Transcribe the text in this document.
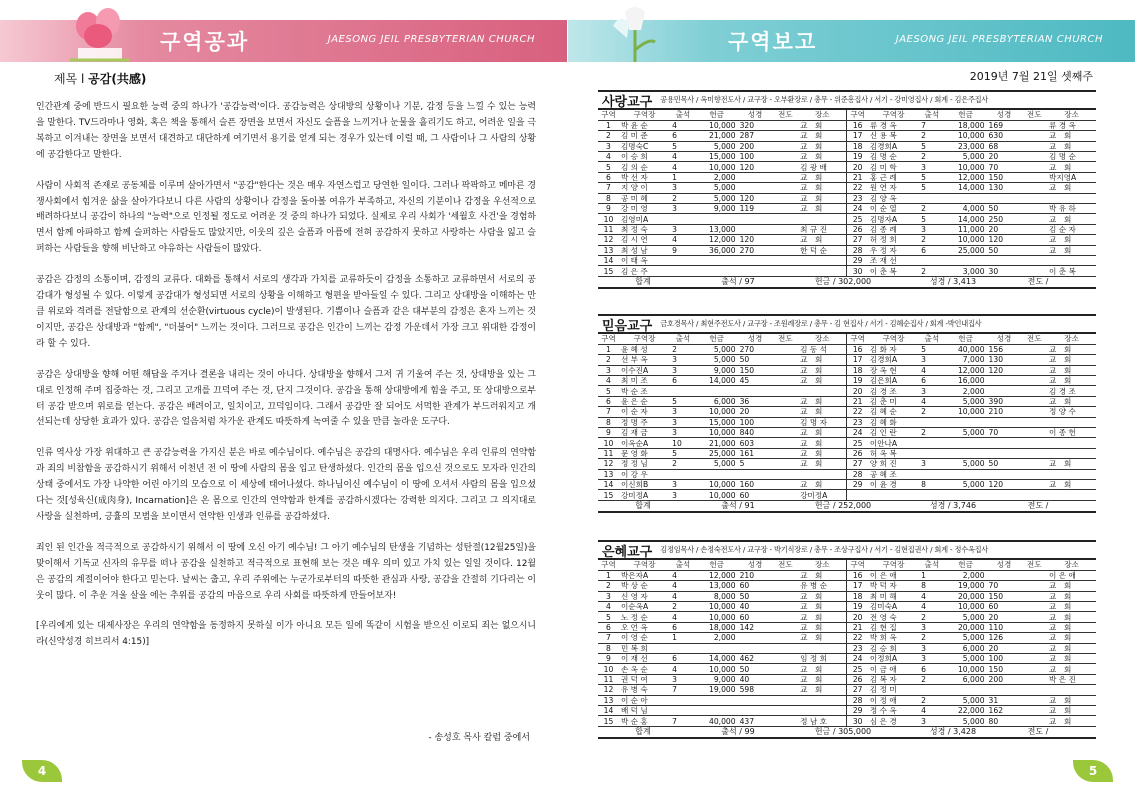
구역공과	JAESONG JEIL PRESBYTERIAN CHURCH
제목 l 공감(共感)

인간관계 중에 반드시 필요한 능력 중의 하나가 '공감능력'이다. 공감능력은 상대방의 상황이나 기분, 감정 등을 느낄 수 있는 능력을 말한다. TV드라마나 영화, 혹은 책을 통해서 슬픈 장면을 보면서 자신도 슬픔을 느끼거나 눈물을 흘리기도 하고, 어려운 일을 극복하고 이겨내는 장면을 보면서 대견하고 대단하게 여기면서 용기를 얻게 되는 경우가 있는데 이럴 때, 그 사람이나 그 사람의 상황에 공감한다고 말한다.

사람이 사회적 존재로 공동체를 이루며 살아가면서 "공감"한다는 것은 매우 자연스럽고 당연한 일이다. 그러나 팍팍하고 메마른 경쟁사회에서 힘겨운 삶을 살아가다보니 다른 사람의 상황이나 감정을 돌아볼 여유가 부족하고, 자신의 기분이나 감정을 우선적으로 배려하다보니 공감이 하나의 "능력"으로 인정될 정도로 어려운 것 중의 하나가 되었다. 실제로 우리 사회가 '세월호 사건'을 경험하면서 함께 아파하고 함께 슬퍼하는 사람들도 많았지만, 이웃의 깊은 슬픔과 아픔에 전혀 공감하지 못하고 사랑하는 사람을 잃고 슬퍼하는 사람들을 향해 비난하고 야유하는 사람들이 많았다.

공감은 감정의 소통이며, 감정의 교류다. 대화를 통해서 서로의 생각과 가치를 교류하듯이 감정을 소통하고 교류하면서 서로의 공감대가 형성될 수 있다. 이렇게 공감대가 형성되면 서로의 상황을 이해하고 형편을 받아들일 수 있다. 그리고 상대방을 이해하는 만큼 위로와 격려를 전달함으로 관계의 선순환(virtuous cycle)이 발생된다. 기쁨이나 슬픔과 같은 대부분의 감정은 혼자 느끼는 것이지만, 공감은 상대방과 "함께", "더불어" 느끼는 것이다. 그러므로 공감은 인간이 느끼는 감정 가운데서 가장 크고 위대한 감정이라 할 수 있다.

공감은 상대방을 향해 어떤 해답을 주거나 결론을 내리는 것이 아니다. 상대방을 향해서 그저 귀 기울여 주는 것, 상대방을 있는 그대로 인정해 주며 집중하는 것, 그리고 고개를 끄덕여 주는 것, 단지 그것이다. 공감을 통해 상대방에게 힘을 주고, 또 상대방으로부터 공감 받으며 위로를 얻는다. 공감은 배려이고, 일치이고, 끄덕임이다. 그래서 공감만 잘 되어도 서먹한 관계가 부드러워지고 개선되는데 상당한 효과가 있다. 공감은 얼음처럼 차가운 관계도 따뜻하게 녹여줄 수 있을 만큼 놀라운 도구다.

인류 역사상 가장 위대하고 큰 공감능력을 가지신 분은 바로 예수님이다. 예수님은 공감의 대명사다. 예수님은 우리 인류의 연약함과 죄의 비참함을 공감하시기 위해서 이천년 전 이 땅에 사람의 몸을 입고 탄생하셨다. 인간의 몸을 입으신 것으로도 모자라 인간의 상태 중에서도 가장 나약한 어린 아기의 모습으로 이 세상에 태어나셨다. 하나님이신 예수님이 이 땅에 오셔서 사람의 몸을 입으셨다는 것[성육신(成肉身), Incarnation]은 온 몸으로 인간의 연약함과 한계를 공감하시겠다는 강력한 의지다. 그리고 그 의지대로 사랑을 실천하며, 긍휼의 모범을 보이면서 연약한 인생과 인류를 공감하셨다.

죄인 된 인간을 적극적으로 공감하시기 위해서 이 땅에 오신 아기 예수님! 그 아기 예수님의 탄생을 기념하는 성탄절(12월25일)을 맞이해서 기독교 신자의 유무를 떠나 공감을 실천하고 적극적으로 표현해 보는 것은 매우 의미 있고 가치 있는 일일 것이다. 12월은 공감의 계절이어야 한다고 믿는다. 날씨는 춥고, 우리 주위에는 누군가로부터의 따뜻한 관심과 사랑, 공감을 간절히 기다리는 이웃이 많다. 이 추운 겨울 살을 에는 추위를 공감의 마음으로 우리 사회를 따뜻하게 만들어보자!

[우리에게 있는 대제사장은 우리의 연약함을 동정하지 못하실 이가 아니요 모든 일에 똑같이 시험을 받으신 이로되 죄는 없으시니라(신약성경 히브리서 4:15)]

- 송성호 목사 칼럼 중에서
4
구역보고	JAESONG JEIL PRESBYTERIAN CHURCH
2019년 7월 21일 셋째주
사랑교구	공용민목사 / 옥미향전도사 / 교구장 - 오부환장로 / 총무 - 위준흥집사 / 서기 - 강미영집사 / 회계 - 김은주집사
구역	구역장	출석	헌금	성경	전도	장소	구역	구역장	출석	헌금	성경	전도	장소
1	박 윤 순	4	10,000	320		교　회	16	류 경 옥	7	18,000	169		류 경 옥
2	김 미 준	6	21,000	287		교　회	17	신 용 복	2	10,000	630		교　회
3	김명숙C	5	5,000	200		교　회	18	김경희A	5	23,000	68		교　회
4	이 승 희	4	15,000	100		교　회	19	김 명 순	2	5,000	20		김 명 순
5	김 의 순	4	10,000	120		김 광 배	20	김 미 학	3	10,000	70		교　회
6	박 선 자	1	2,000			교　회	21	홍 근 례	5	12,000	150		박지영A
7	지 양 이	3	5,000			교　회	22	원 연 자	5	14,000	130		교　회
8	공 미 혜	2	5,000	120		교　회	23	김 양 옥					
9	강 미 영	3	9,000	119		교　회	24	이 순 열	2	4,000	50		박 유 하
10	김영미A						25	김명자A	5	14,000	250		교　회
11	최 정 숙	3	13,000			최 규 진	26	김 종 례	3	11,000	20		김 순 자
12	김 시 연	4	12,000	120		교　회	27	허 정 희	2	10,000	120		교　회
13	최 성 남	9	36,000	270		한 덕 순	28	우 정 자	6	25,000	50		교　회
14	이 태 옥						29	조 재 선					
15	김 은 주						30	이 춘 복	2	3,000	30		이 춘 복
합계	출석 / 97	헌금 / 302,000	성경 / 3,413	전도 /
믿음교구	금호경목사 / 최현주전도사 / 교구장 - 조원례장로 / 총무 - 김 현집사 / 서기 - 김혜순집사 / 회계 -박인내집사
구역	구역장	출석	헌금	성경	전도	장소	구역	구역장	출석	헌금	성경	전도	장소
1	윤 혜 성	2	5,000	270		김 동 석	16	김 화 자	5	40,000	156		교　회
2	선 부 옥	3	5,000	50		교　회	17	김경희A	3	7,000	130		교　회
3	이수진A	3	9,000	150		교　회	18	장 옥 현	4	12,000	120		교　회
4	최 미 조	6	14,000	45		교　회	19	김은희A	6	16,000			교　회
5	박 순 조						20	김 경 조	3	2,000			김 경 조
6	윤 은 순	5	6,000	36		교　회	21	김 춘 미	4	5,000	390		교　회
7	이 순 자	3	10,000	20		교　회	22	김 혜 순	2	10,000	210		정 양 수
8	정 명 주	3	15,000	100		김 명 자	23	김 혜 화					
9	김 재 금	3	10,000	840		교　회	24	김 인 란	2	5,000	70		이 종 헌
10	이옥순A	10	21,000	603		교　회	25	이안나A					
11	문 영 화	5	25,000	161		교　회	26	허 옥 복					
12	정 정 님	2	5,000	5		교　회	27	양 희 진	3	5,000	50		교　회
13	이 강 우						28	공 혜 조					
14	이신희B	3	10,000	160		교　회	29	이 윤 경	8	5,000	120		교　회
15	강미정A	3	10,000	60		강미정A							
합계	출석 / 91	헌금 / 252,000	성경 / 3,746	전도 /
은혜교구	김정임목사 / 손정숙전도사 / 교구장 - 박기식장로 / 총무 - 조상구집사 / 서기 - 김현집권사 / 회계 - 정수옥집사
구역	구역장	출석	헌금	성경	전도	장소	구역	구역장	출석	헌금	성경	전도	장소
1	박은자A	4	12,000	210		교　회	16	이 은 애	1	2,000			이 은 애
2	박 상 순	4	13,000	60		유 병 순	17	박 덕 자	8	19,000	70		교　회
3	신 영 자	4	8,000	50		교　회	18	최 미 해	4	20,000	150		교　회
4	이순옥A	2	10,000	40		교　회	19	김미숙A	4	10,000	60		교　회
5	노 정 순	4	10,000	60		교　회	20	전 영 숙	2	5,000	20		교　회
6	오 언 옥	6	18,000	142		교　회	21	김 현 집	3	20,000	110		교　회
7	이 영 순	1	2,000			교　회	22	박 희 옥	2	5,000	126		교　회
8	민 복 희						23	김 승 희	3	6,000	20		교　회
9	이 재 선	6	14,000	462		임 정 희	24	이정희A	3	5,000	100		교　회
10	손 옥 순	4	10,000	50		교　회	25	이 금 애	6	10,000	150		교　회
11	권 덕 여	3	9,000	40		교　회	26	김 복 자	2	6,000	200		박 은 진
12	유 병 숙	7	19,000	598		교　회	27	김 정 미					
13	이 순 아						28	이 정 애	2	5,000	31		교　회
14	배 덕 님						29	정 수 옥	4	22,000	162		교　회
15	박 순 홍	7	40,000	437		정 남 호	30	심 은 경	3	5,000	80		교　회
합계	출석 / 99	헌금 / 305,000	성경 / 3,428	전도 /
5
